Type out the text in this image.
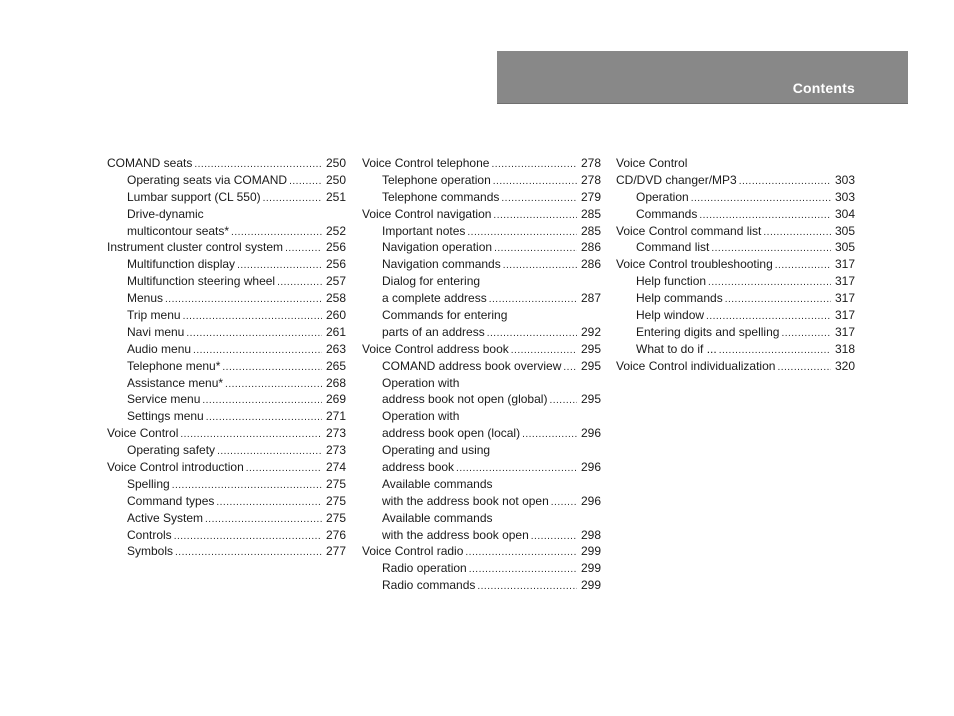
Contents
COMAND seats .....	250
Operating seats via COMAND .....	250
Lumbar support (CL 550) .....	251
Drive-dynamic
multicontour seats* .....	252
Instrument cluster control system .....	256
Multifunction display .....	256
Multifunction steering wheel .....	257
Menus .....	258
Trip menu .....	260
Navi menu .....	261
Audio menu .....	263
Telephone menu* .....	265
Assistance menu* .....	268
Service menu .....	269
Settings menu .....	271
Voice Control .....	273
Operating safety .....	273
Voice Control introduction .....	274
Spelling .....	275
Command types .....	275
Active System .....	275
Controls .....	276
Symbols .....	277
Voice Control telephone .....	278
Telephone operation .....	278
Telephone commands .....	279
Voice Control navigation .....	285
Important notes .....	285
Navigation operation .....	286
Navigation commands .....	286
Dialog for entering
a complete address .....	287
Commands for entering
parts of an address .....	292
Voice Control address book .....	295
COMAND address book overview ..... 295
Operation with
address book not open (global) .....	295
Operation with
address book open (local) .....	296
Operating and using
address book .....	296
Available commands
with the address book not open .....	296
Available commands
with the address book open .....	298
Voice Control radio .....	299
Radio operation .....	299
Radio commands .....	299
Voice Control
CD/DVD changer/MP3 .....	303
Operation .....	303
Commands .....	304
Voice Control command list .....	305
Command list .....	305
Voice Control troubleshooting .....	317
Help function .....	317
Help commands .....	317
Help window .....	317
Entering digits and spelling .....	317
What to do if ... .....	318
Voice Control individualization .....	320
